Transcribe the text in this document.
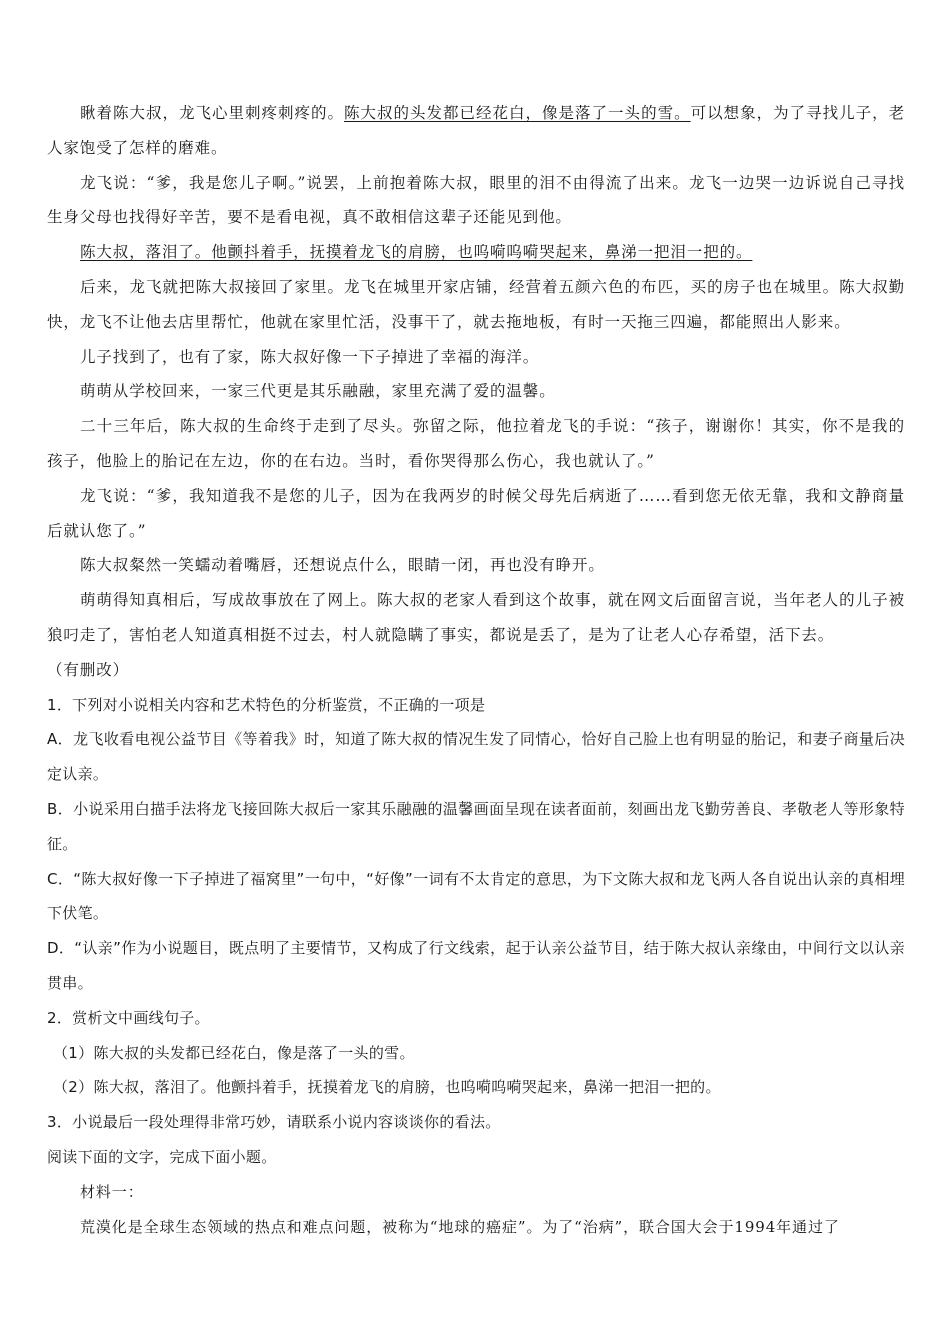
瞅着陈大叔，龙飞心里刺疼刺疼的。陈大叔的头发都已经花白，像是落了一头的雪。可以想象，为了寻找儿子，老人家饱受了怎样的磨难。

龙飞说：“爹，我是您儿子啊。”说罢，上前抱着陈大叔，眼里的泪不由得流了出来。龙飞一边哭一边诉说自己寻找生身父母也找得好辛苦，要不是看电视，真不敢相信这辈子还能见到他。

陈大叔，落泪了。他颤抖着手，抚摸着龙飞的肩膀，也呜嗬呜嗬哭起来，鼻涕一把泪一把的。

后来，龙飞就把陈大叔接回了家里。龙飞在城里开家店铺，经营着五颜六色的布匹，买的房子也在城里。陈大叔勤快，龙飞不让他去店里帮忙，他就在家里忙活，没事干了，就去拖地板，有时一天拖三四遍，都能照出人影来。

儿子找到了，也有了家，陈大叔好像一下子掉进了幸福的海洋。

萌萌从学校回来，一家三代更是其乐融融，家里充满了爱的温馨。

二十三年后，陈大叔的生命终于走到了尽头。弥留之际，他拉着龙飞的手说：“孩子，谢谢你！其实，你不是我的孩子，他脸上的胎记在左边，你的在右边。当时，看你哭得那么伤心，我也就认了。”

龙飞说：“爹，我知道我不是您的儿子，因为在我两岁的时候父母先后病逝了……看到您无依无靠，我和文静商量后就认您了。”

陈大叔粲然一笑蠕动着嘴唇，还想说点什么，眼睛一闭，再也没有睁开。

萌萌得知真相后，写成故事放在了网上。陈大叔的老家人看到这个故事，就在网文后面留言说，当年老人的儿子被狼叼走了，害怕老人知道真相挺不过去，村人就隐瞒了事实，都说是丢了，是为了让老人心存希望，活下去。

（有删改）

1．下列对小说相关内容和艺术特色的分析鉴赏，不正确的一项是

A．龙飞收看电视公益节目《等着我》时，知道了陈大叔的情况生发了同情心，恰好自己脸上也有明显的胎记，和妻子商量后决定认亲。

B．小说采用白描手法将龙飞接回陈大叔后一家其乐融融的温馨画面呈现在读者面前，刻画出龙飞勤劳善良、孝敬老人等形象特征。

C．“陈大叔好像一下子掉进了福窝里”一句中，“好像”一词有不太肯定的意思，为下文陈大叔和龙飞两人各自说出认亲的真相埋下伏笔。

D．“认亲”作为小说题目，既点明了主要情节，又构成了行文线索，起于认亲公益节目，结于陈大叔认亲缘由，中间行文以认亲贯串。

2．赏析文中画线句子。

（1）陈大叔的头发都已经花白，像是落了一头的雪。

（2）陈大叔，落泪了。他颤抖着手，抚摸着龙飞的肩膀，也呜嗬呜嗬哭起来，鼻涕一把泪一把的。

3．小说最后一段处理得非常巧妙，请联系小说内容谈谈你的看法。

阅读下面的文字，完成下面小题。

材料一：

荒漠化是全球生态领域的热点和难点问题，被称为“地球的癌症”。为了“治病”，联合国大会于1994年通过了
